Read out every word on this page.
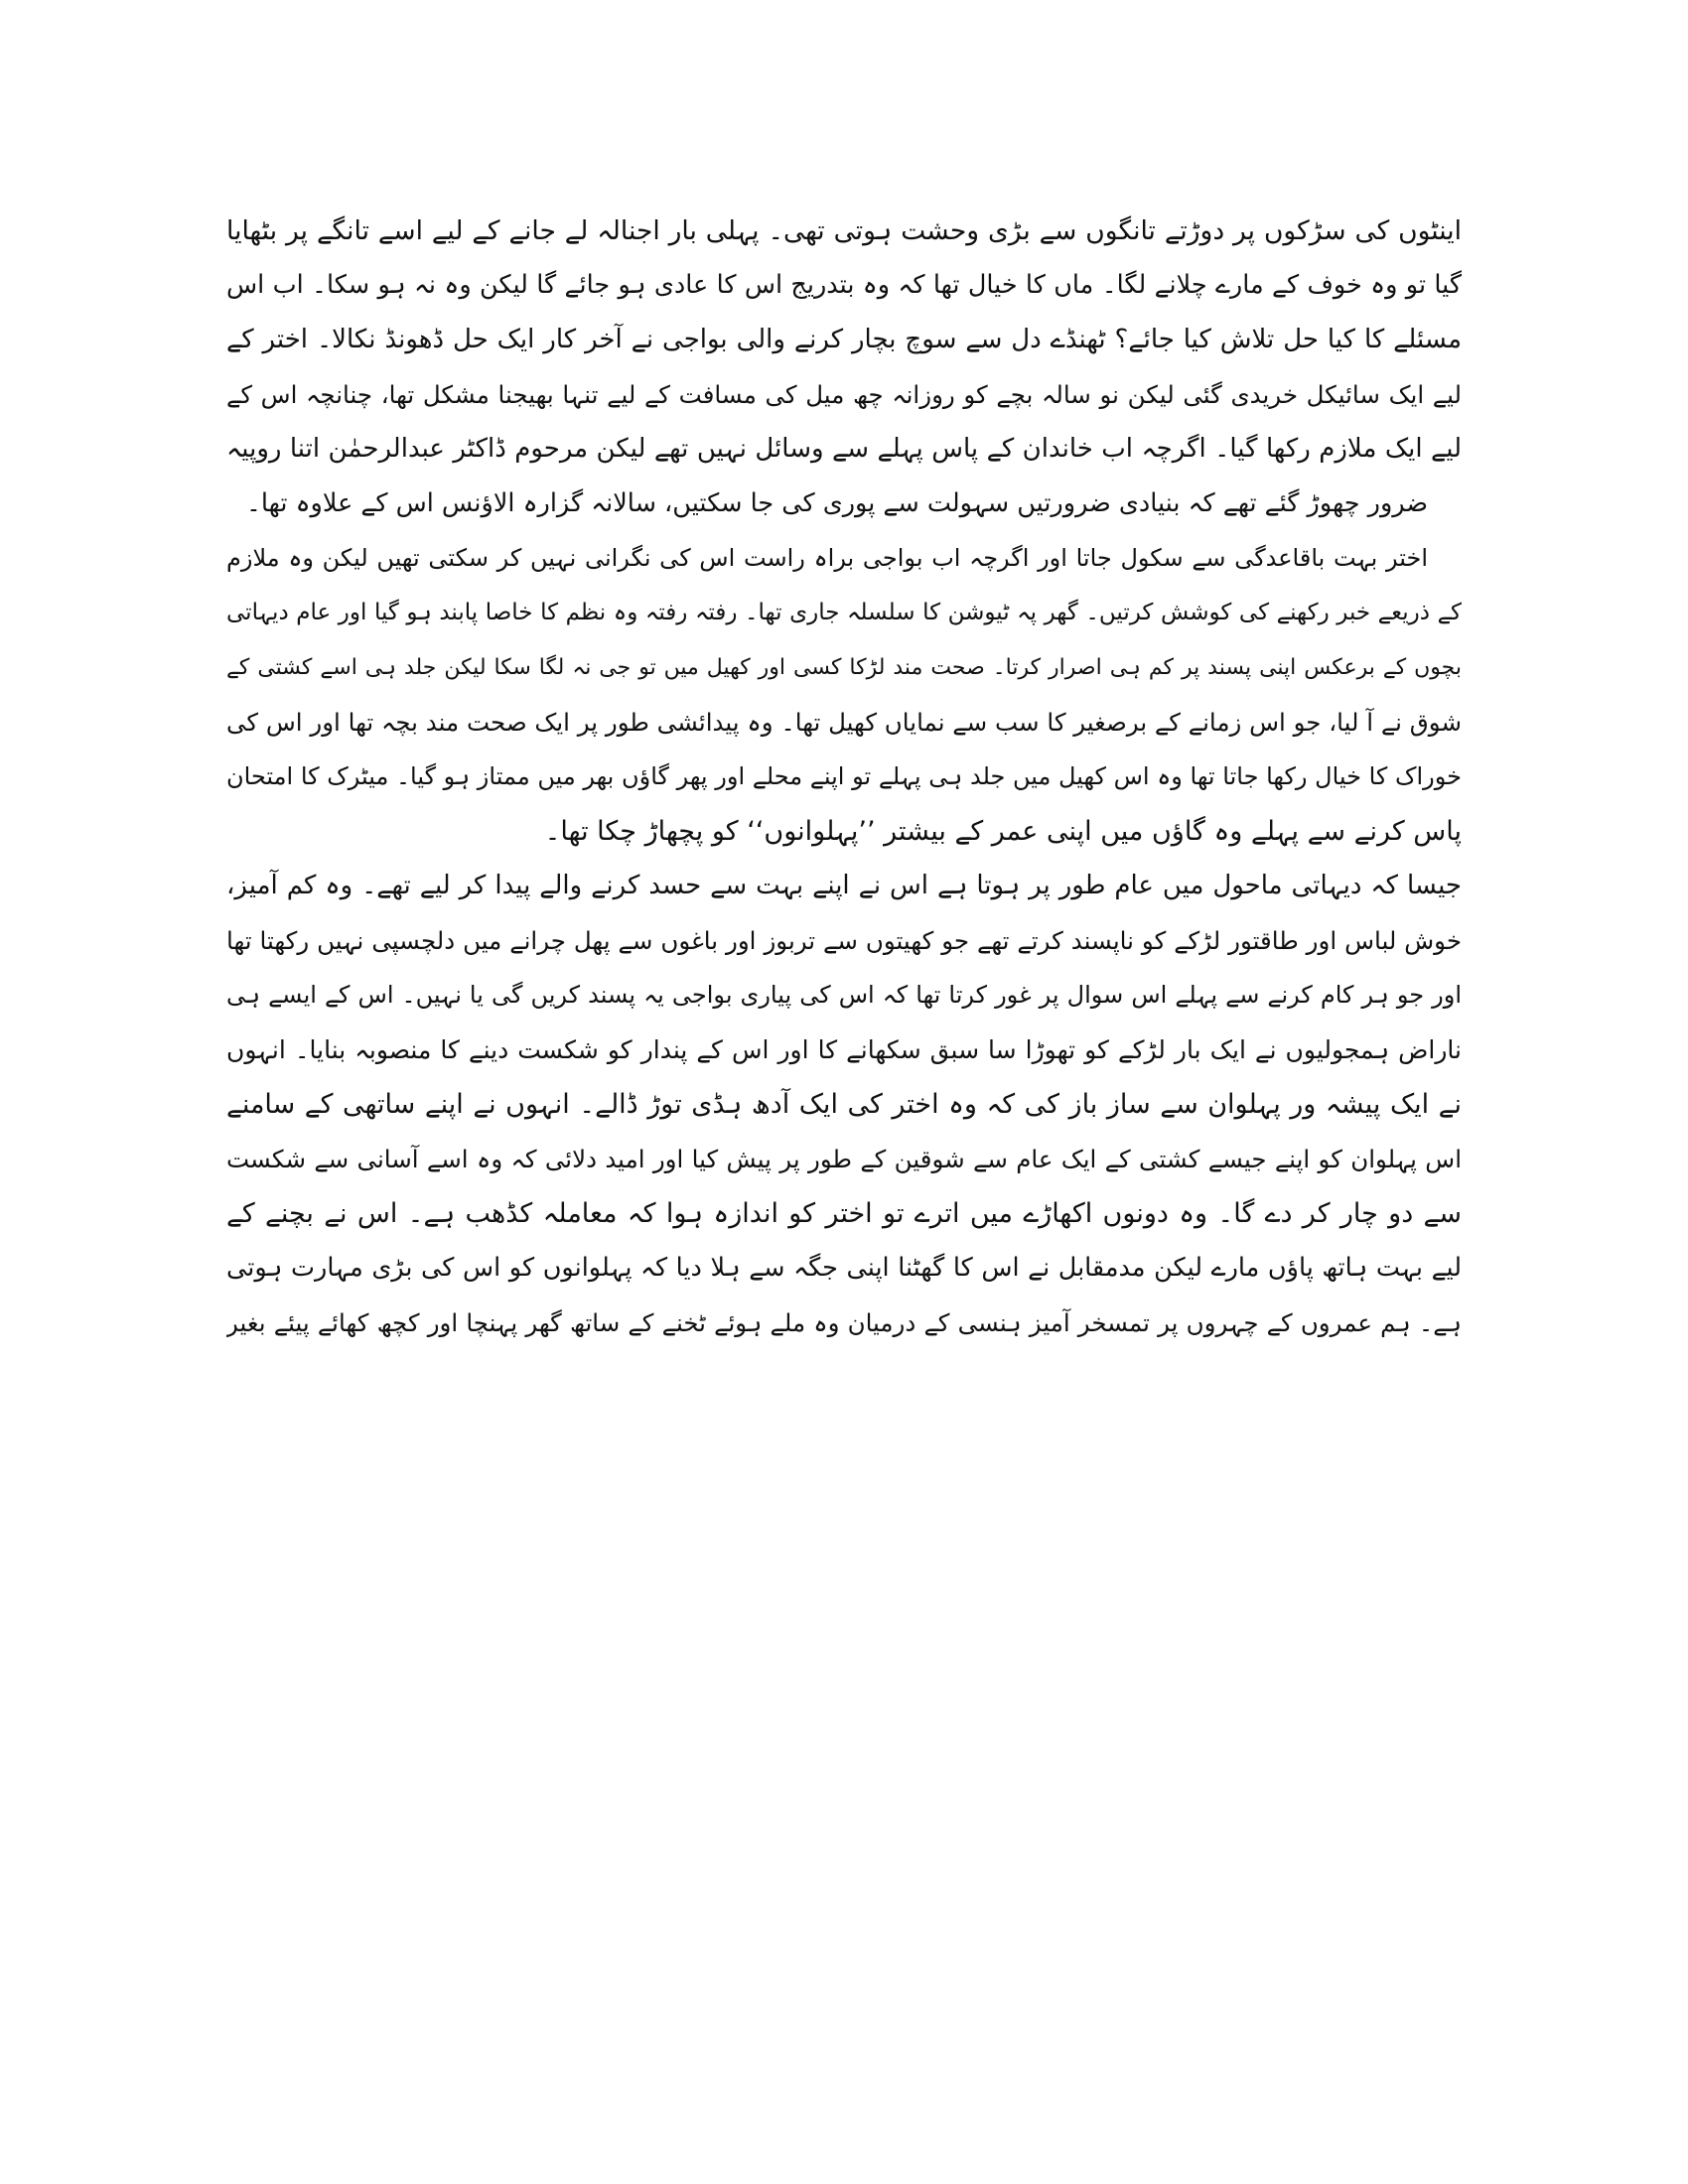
اینٹوں کی سڑکوں پر دوڑتے تانگوں سے بڑی وحشت ہوتی تھی۔ پہلی بار اجنالہ لے جانے کے لیے اسے تانگے پر بٹھایا
گیا تو وہ خوف کے مارے چلانے لگا۔ ماں کا خیال تھا کہ وہ بتدریج اس کا عادی ہو جائے گا لیکن وہ نہ ہو سکا۔ اب اس
مسئلے کا کیا حل تلاش کیا جائے؟ ٹھنڈے دل سے سوچ بچار کرنے والی بواجی نے آخر کار ایک حل ڈھونڈ نکالا۔ اختر کے
لیے ایک سائیکل خریدی گئی لیکن نو سالہ بچے کو روزانہ چھ میل کی مسافت کے لیے تنہا بھیجنا مشکل تھا، چنانچہ اس کے
لیے ایک ملازم رکھا گیا۔ اگرچہ اب خاندان کے پاس پہلے سے وسائل نہیں تھے لیکن مرحوم ڈاکٹر عبدالرحمٰن اتنا روپیہ
ضرور چھوڑ گئے تھے کہ بنیادی ضرورتیں سہولت سے پوری کی جا سکتیں، سالانہ گزارہ الاؤنس اس کے علاوہ تھا۔
اختر بہت باقاعدگی سے سکول جاتا اور اگرچہ اب بواجی براہ راست اس کی نگرانی نہیں کر سکتی تھیں لیکن وہ ملازم
کے ذریعے خبر رکھنے کی کوشش کرتیں۔ گھر پہ ٹیوشن کا سلسلہ جاری تھا۔ رفتہ رفتہ وہ نظم کا خاصا پابند ہو گیا اور عام دیہاتی
بچوں کے برعکس اپنی پسند پر کم ہی اصرار کرتا۔ صحت مند لڑکا کسی اور کھیل میں تو جی نہ لگا سکا لیکن جلد ہی اسے کشتی کے
شوق نے آ لیا، جو اس زمانے کے برصغیر کا سب سے نمایاں کھیل تھا۔ وہ پیدائشی طور پر ایک صحت مند بچہ تھا اور اس کی
خوراک کا خیال رکھا جاتا تھا وہ اس کھیل میں جلد ہی پہلے تو اپنے محلے اور پھر گاؤں بھر میں ممتاز ہو گیا۔ میٹرک کا امتحان
پاس کرنے سے پہلے وہ گاؤں میں اپنی عمر کے بیشتر ’’پہلوانوں‘‘ کو پچھاڑ چکا تھا۔
جیسا کہ دیہاتی ماحول میں عام طور پر ہوتا ہے اس نے اپنے بہت سے حسد کرنے والے پیدا کر لیے تھے۔ وہ کم آمیز،
خوش لباس اور طاقتور لڑکے کو ناپسند کرتے تھے جو کھیتوں سے تربوز اور باغوں سے پھل چرانے میں دلچسپی نہیں رکھتا تھا
اور جو ہر کام کرنے سے پہلے اس سوال پر غور کرتا تھا کہ اس کی پیاری بواجی یہ پسند کریں گی یا نہیں۔ اس کے ایسے ہی
ناراض ہمجولیوں نے ایک بار لڑکے کو تھوڑا سا سبق سکھانے کا اور اس کے پندار کو شکست دینے کا منصوبہ بنایا۔ انہوں
نے ایک پیشہ ور پہلوان سے ساز باز کی کہ وہ اختر کی ایک آدھ ہڈی توڑ ڈالے۔ انہوں نے اپنے ساتھی کے سامنے
اس پہلوان کو اپنے جیسے کشتی کے ایک عام سے شوقین کے طور پر پیش کیا اور امید دلائی کہ وہ اسے آسانی سے شکست
سے دو چار کر دے گا۔ وہ دونوں اکھاڑے میں اترے تو اختر کو اندازہ ہوا کہ معاملہ کڈھب ہے۔ اس نے بچنے کے
لیے بہت ہاتھ پاؤں مارے لیکن مدمقابل نے اس کا گھٹنا اپنی جگہ سے ہلا دیا کہ پہلوانوں کو اس کی بڑی مہارت ہوتی
ہے۔ ہم عمروں کے چہروں پر تمسخر آمیز ہنسی کے درمیان وہ ملے ہوئے ٹخنے کے ساتھ گھر پہنچا اور کچھ کھائے پیئے بغیر
